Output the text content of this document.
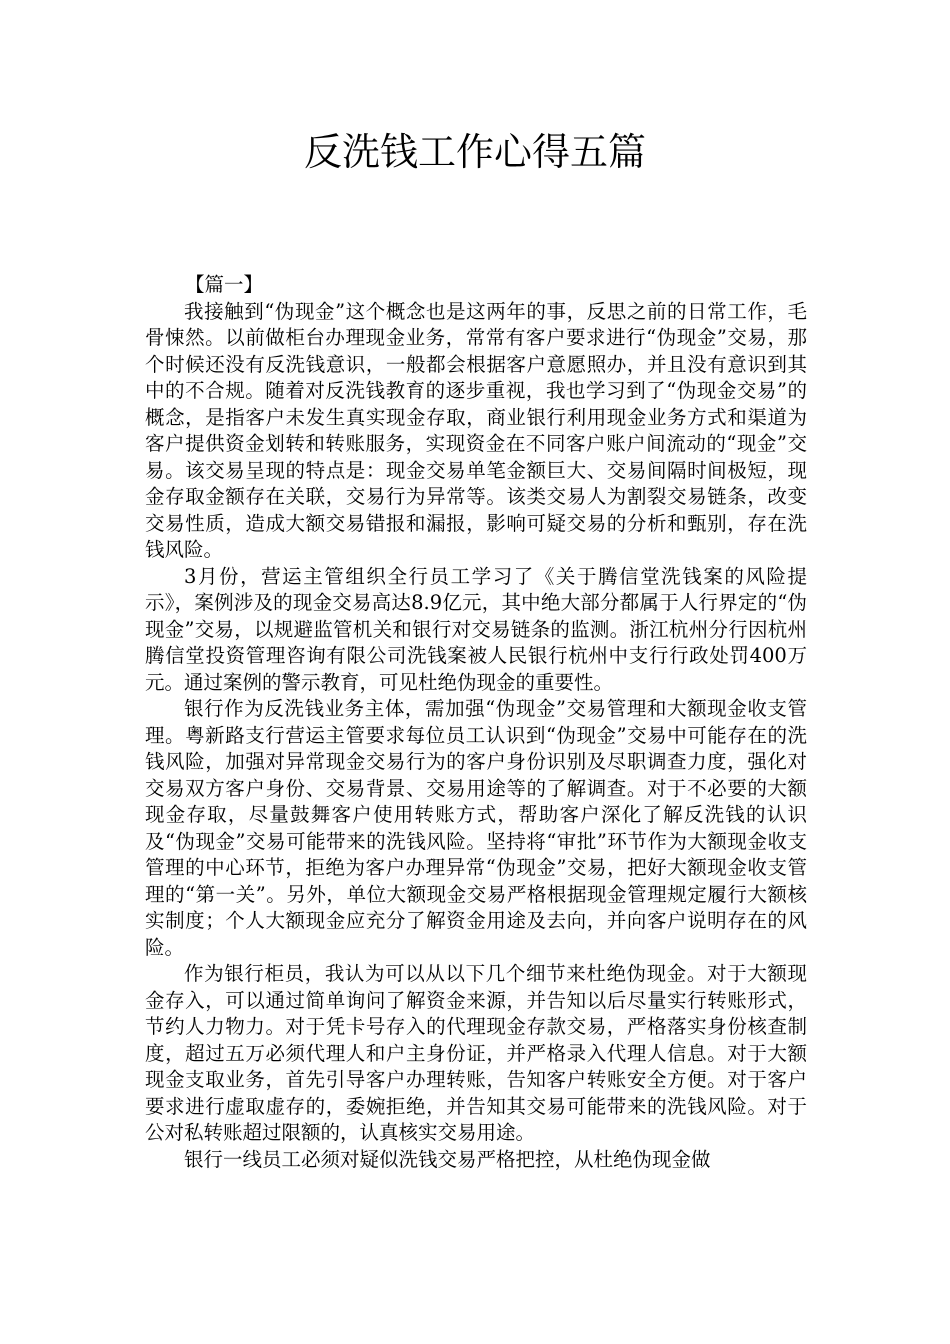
反洗钱工作心得五篇

【篇一】

我接触到“伪现金”这个概念也是这两年的事，反思之前的日常工作，毛骨悚然。以前做柜台办理现金业务，常常有客户要求进行“伪现金”交易，那个时候还没有反洗钱意识，一般都会根据客户意愿照办，并且没有意识到其中的不合规。随着对反洗钱教育的逐步重视，我也学习到了“伪现金交易”的概念，是指客户未发生真实现金存取，商业银行利用现金业务方式和渠道为客户提供资金划转和转账服务，实现资金在不同客户账户间流动的“现金”交易。该交易呈现的特点是：现金交易单笔金额巨大、交易间隔时间极短，现金存取金额存在关联，交易行为异常等。该类交易人为割裂交易链条，改变交易性质，造成大额交易错报和漏报，影响可疑交易的分析和甄别，存在洗钱风险。

3月份，营运主管组织全行员工学习了《关于腾信堂洗钱案的风险提示》，案例涉及的现金交易高达8.9亿元，其中绝大部分都属于人行界定的“伪现金”交易，以规避监管机关和银行对交易链条的监测。浙江杭州分行因杭州腾信堂投资管理咨询有限公司洗钱案被人民银行杭州中支行行政处罚400万元。通过案例的警示教育，可见杜绝伪现金的重要性。

银行作为反洗钱业务主体，需加强“伪现金”交易管理和大额现金收支管理。粤新路支行营运主管要求每位员工认识到“伪现金”交易中可能存在的洗钱风险，加强对异常现金交易行为的客户身份识别及尽职调查力度，强化对交易双方客户身份、交易背景、交易用途等的了解调查。对于不必要的大额现金存取，尽量鼓舞客户使用转账方式，帮助客户深化了解反洗钱的认识及“伪现金”交易可能带来的洗钱风险。坚持将“审批”环节作为大额现金收支管理的中心环节，拒绝为客户办理异常“伪现金”交易，把好大额现金收支管理的“第一关”。另外，单位大额现金交易严格根据现金管理规定履行大额核实制度；个人大额现金应充分了解资金用途及去向，并向客户说明存在的风险。

作为银行柜员，我认为可以从以下几个细节来杜绝伪现金。对于大额现金存入，可以通过简单询问了解资金来源，并告知以后尽量实行转账形式，节约人力物力。对于凭卡号存入的代理现金存款交易，严格落实身份核查制度，超过五万必须代理人和户主身份证，并严格录入代理人信息。对于大额现金支取业务，首先引导客户办理转账，告知客户转账安全方便。对于客户要求进行虚取虚存的，委婉拒绝，并告知其交易可能带来的洗钱风险。对于公对私转账超过限额的，认真核实交易用途。

银行一线员工必须对疑似洗钱交易严格把控，从杜绝伪现金做
